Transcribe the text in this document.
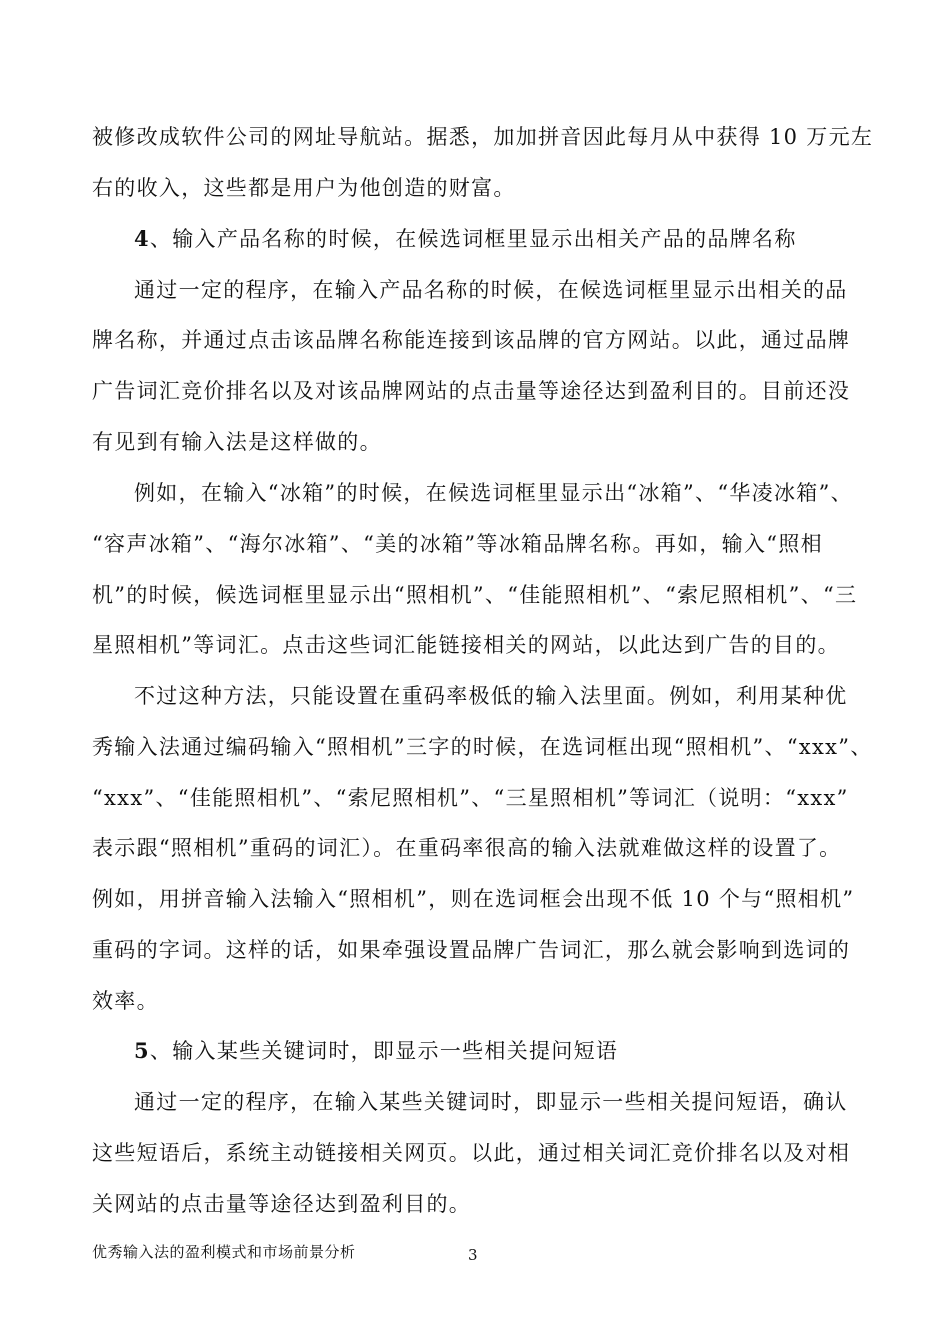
被修改成软件公司的网址导航站。据悉，加加拼音因此每月从中获得 10 万元左
右的收入，这些都是用户为他创造的财富。
4、输入产品名称的时候，在候选词框里显示出相关产品的品牌名称
通过一定的程序，在输入产品名称的时候，在候选词框里显示出相关的品
牌名称，并通过点击该品牌名称能连接到该品牌的官方网站。以此，通过品牌
广告词汇竞价排名以及对该品牌网站的点击量等途径达到盈利目的。目前还没
有见到有输入法是这样做的。
例如，在输入“冰箱”的时候，在候选词框里显示出“冰箱”、“华凌冰箱”、
“容声冰箱”、“海尔冰箱”、“美的冰箱”等冰箱品牌名称。再如，输入“照相
机”的时候，候选词框里显示出“照相机”、“佳能照相机”、“索尼照相机”、“三
星照相机”等词汇。点击这些词汇能链接相关的网站，以此达到广告的目的。
不过这种方法，只能设置在重码率极低的输入法里面。例如，利用某种优
秀输入法通过编码输入“照相机”三字的时候，在选词框出现“照相机”、“xxx”、
“xxx”、“佳能照相机”、“索尼照相机”、“三星照相机”等词汇（说明：“xxx”
表示跟“照相机”重码的词汇）。在重码率很高的输入法就难做这样的设置了。
例如，用拼音输入法输入“照相机”，则在选词框会出现不低 10 个与“照相机”
重码的字词。这样的话，如果牵强设置品牌广告词汇，那么就会影响到选词的
效率。
5、输入某些关键词时，即显示一些相关提问短语
通过一定的程序，在输入某些关键词时，即显示一些相关提问短语，确认
这些短语后，系统主动链接相关网页。以此，通过相关词汇竞价排名以及对相
关网站的点击量等途径达到盈利目的。
优秀输入法的盈利模式和市场前景分析	3
